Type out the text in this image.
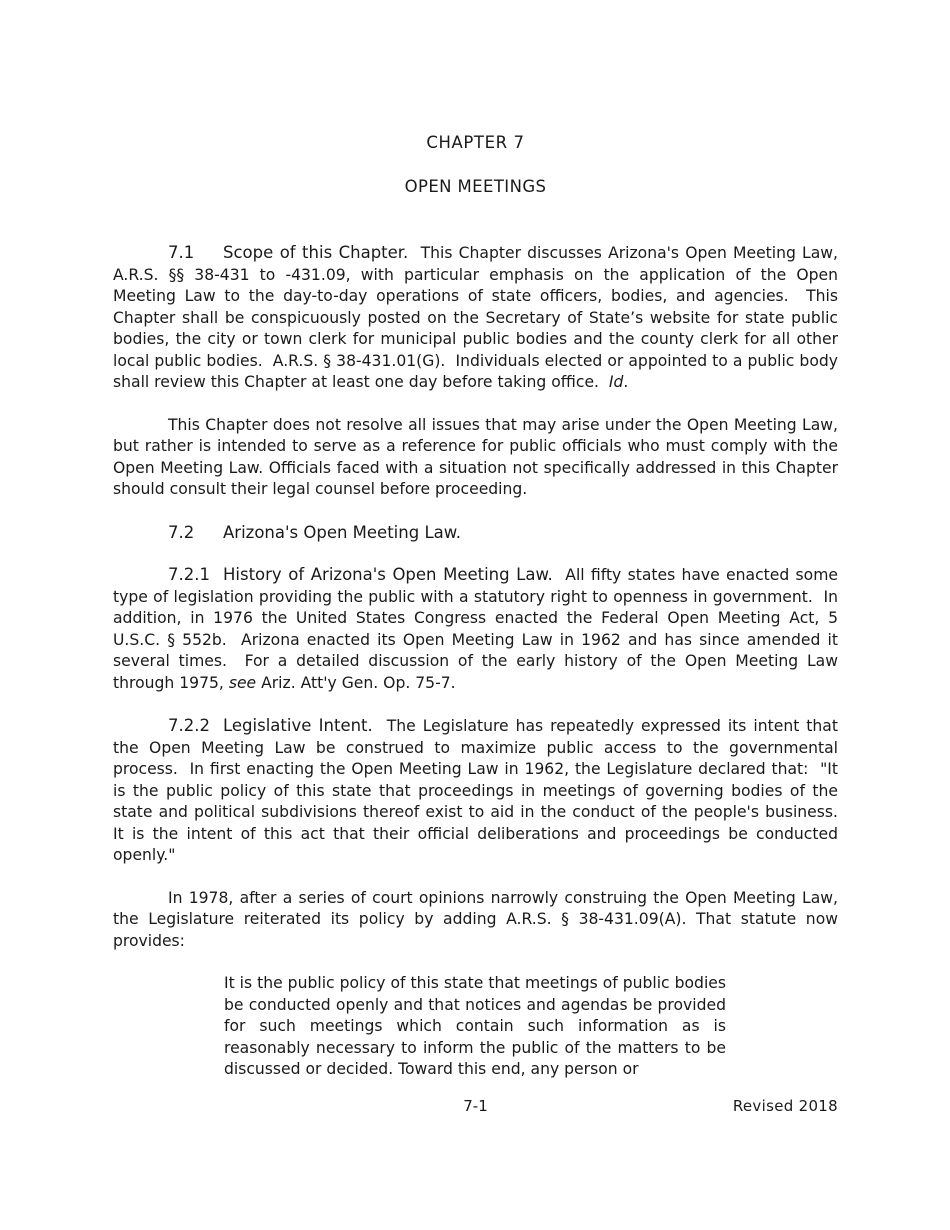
CHAPTER 7
OPEN MEETINGS

7.1 Scope of this Chapter.  This Chapter discusses Arizona's Open Meeting Law, A.R.S. §§ 38-431 to -431.09, with particular emphasis on the application of the Open Meeting Law to the day-to-day operations of state officers, bodies, and agencies.  This Chapter shall be conspicuously posted on the Secretary of State’s website for state public bodies, the city or town clerk for municipal public bodies and the county clerk for all other local public bodies.  A.R.S. § 38-431.01(G).  Individuals elected or appointed to a public body shall review this Chapter at least one day before taking office.  Id.

This Chapter does not resolve all issues that may arise under the Open Meeting Law, but rather is intended to serve as a reference for public officials who must comply with the Open Meeting Law. Officials faced with a situation not specifically addressed in this Chapter should consult their legal counsel before proceeding.

7.2 Arizona's Open Meeting Law.

7.2.1 History of Arizona's Open Meeting Law.  All fifty states have enacted some type of legislation providing the public with a statutory right to openness in government.  In addition, in 1976 the United States Congress enacted the Federal Open Meeting Act, 5 U.S.C. § 552b.  Arizona enacted its Open Meeting Law in 1962 and has since amended it several times.  For a detailed discussion of the early history of the Open Meeting Law through 1975, see Ariz. Att'y Gen. Op. 75-7.

7.2.2 Legislative Intent.  The Legislature has repeatedly expressed its intent that the Open Meeting Law be construed to maximize public access to the governmental process.  In first enacting the Open Meeting Law in 1962, the Legislature declared that:  "It is the public policy of this state that proceedings in meetings of governing bodies of the state and political subdivisions thereof exist to aid in the conduct of the people's business.  It is the intent of this act that their official deliberations and proceedings be conducted openly."

In 1978, after a series of court opinions narrowly construing the Open Meeting Law, the Legislature reiterated its policy by adding A.R.S. § 38-431.09(A). That statute now provides:

It is the public policy of this state that meetings of public bodies be conducted openly and that notices and agendas be provided for such meetings which contain such information as is reasonably necessary to inform the public of the matters to be discussed or decided. Toward this end, any person or

7-1	Revised 2018
